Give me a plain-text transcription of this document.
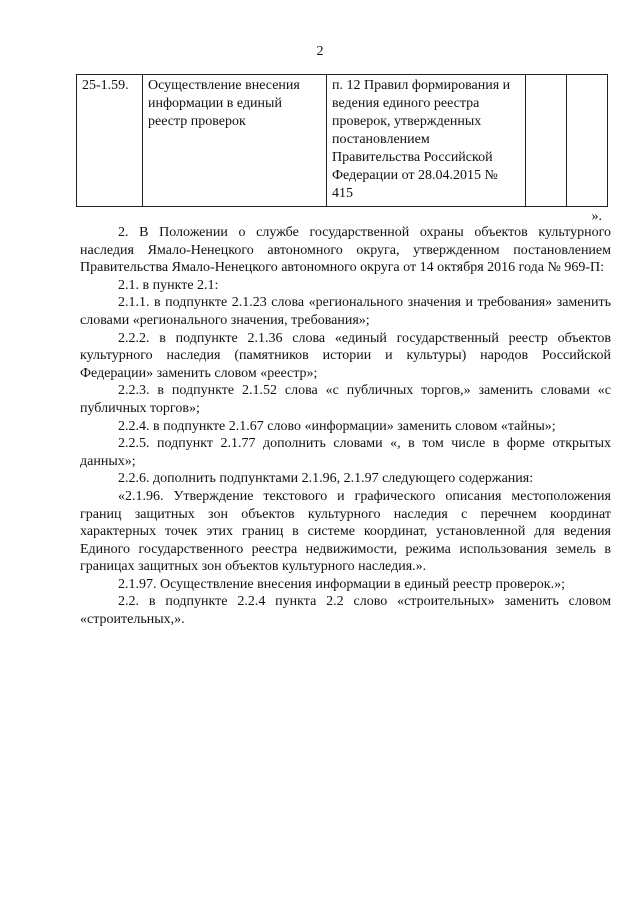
2
25-1.59.	Осуществление внесения информации в единый реестр проверок	п. 12 Правил формирования и ведения единого реестра проверок, утвержденных постановлением Правительства Российской Федерации от 28.04.2015 № 415		
».

2. В Положении о службе государственной охраны объектов культурного наследия Ямало-Ненецкого автономного округа, утвержденном постановлением Правительства Ямало-Ненецкого автономного округа от 14 октября 2016 года № 969-П:

2.1. в пункте 2.1:

2.1.1. в подпункте 2.1.23 слова «регионального значения и требования» заменить словами «регионального значения, требования»;

2.2.2. в подпункте 2.1.36 слова «единый государственный реестр объектов культурного наследия (памятников истории и культуры) народов Российской Федерации» заменить словом «реестр»;

2.2.3. в подпункте 2.1.52 слова «с публичных торгов,» заменить словами «с публичных торгов»;

2.2.4. в подпункте 2.1.67 слово «информации» заменить словом «тайны»;

2.2.5. подпункт 2.1.77 дополнить словами «, в том числе в форме открытых данных»;

2.2.6. дополнить подпунктами 2.1.96, 2.1.97 следующего содержания:

«2.1.96. Утверждение текстового и графического описания местоположения границ защитных зон объектов культурного наследия с перечнем координат характерных точек этих границ в системе координат, установленной для ведения Единого государственного реестра недвижимости, режима использования земель в границах защитных зон объектов культурного наследия.».

2.1.97. Осуществление внесения информации в единый реестр проверок.»;

2.2. в подпункте 2.2.4 пункта 2.2 слово «строительных» заменить словом «строительных,».
